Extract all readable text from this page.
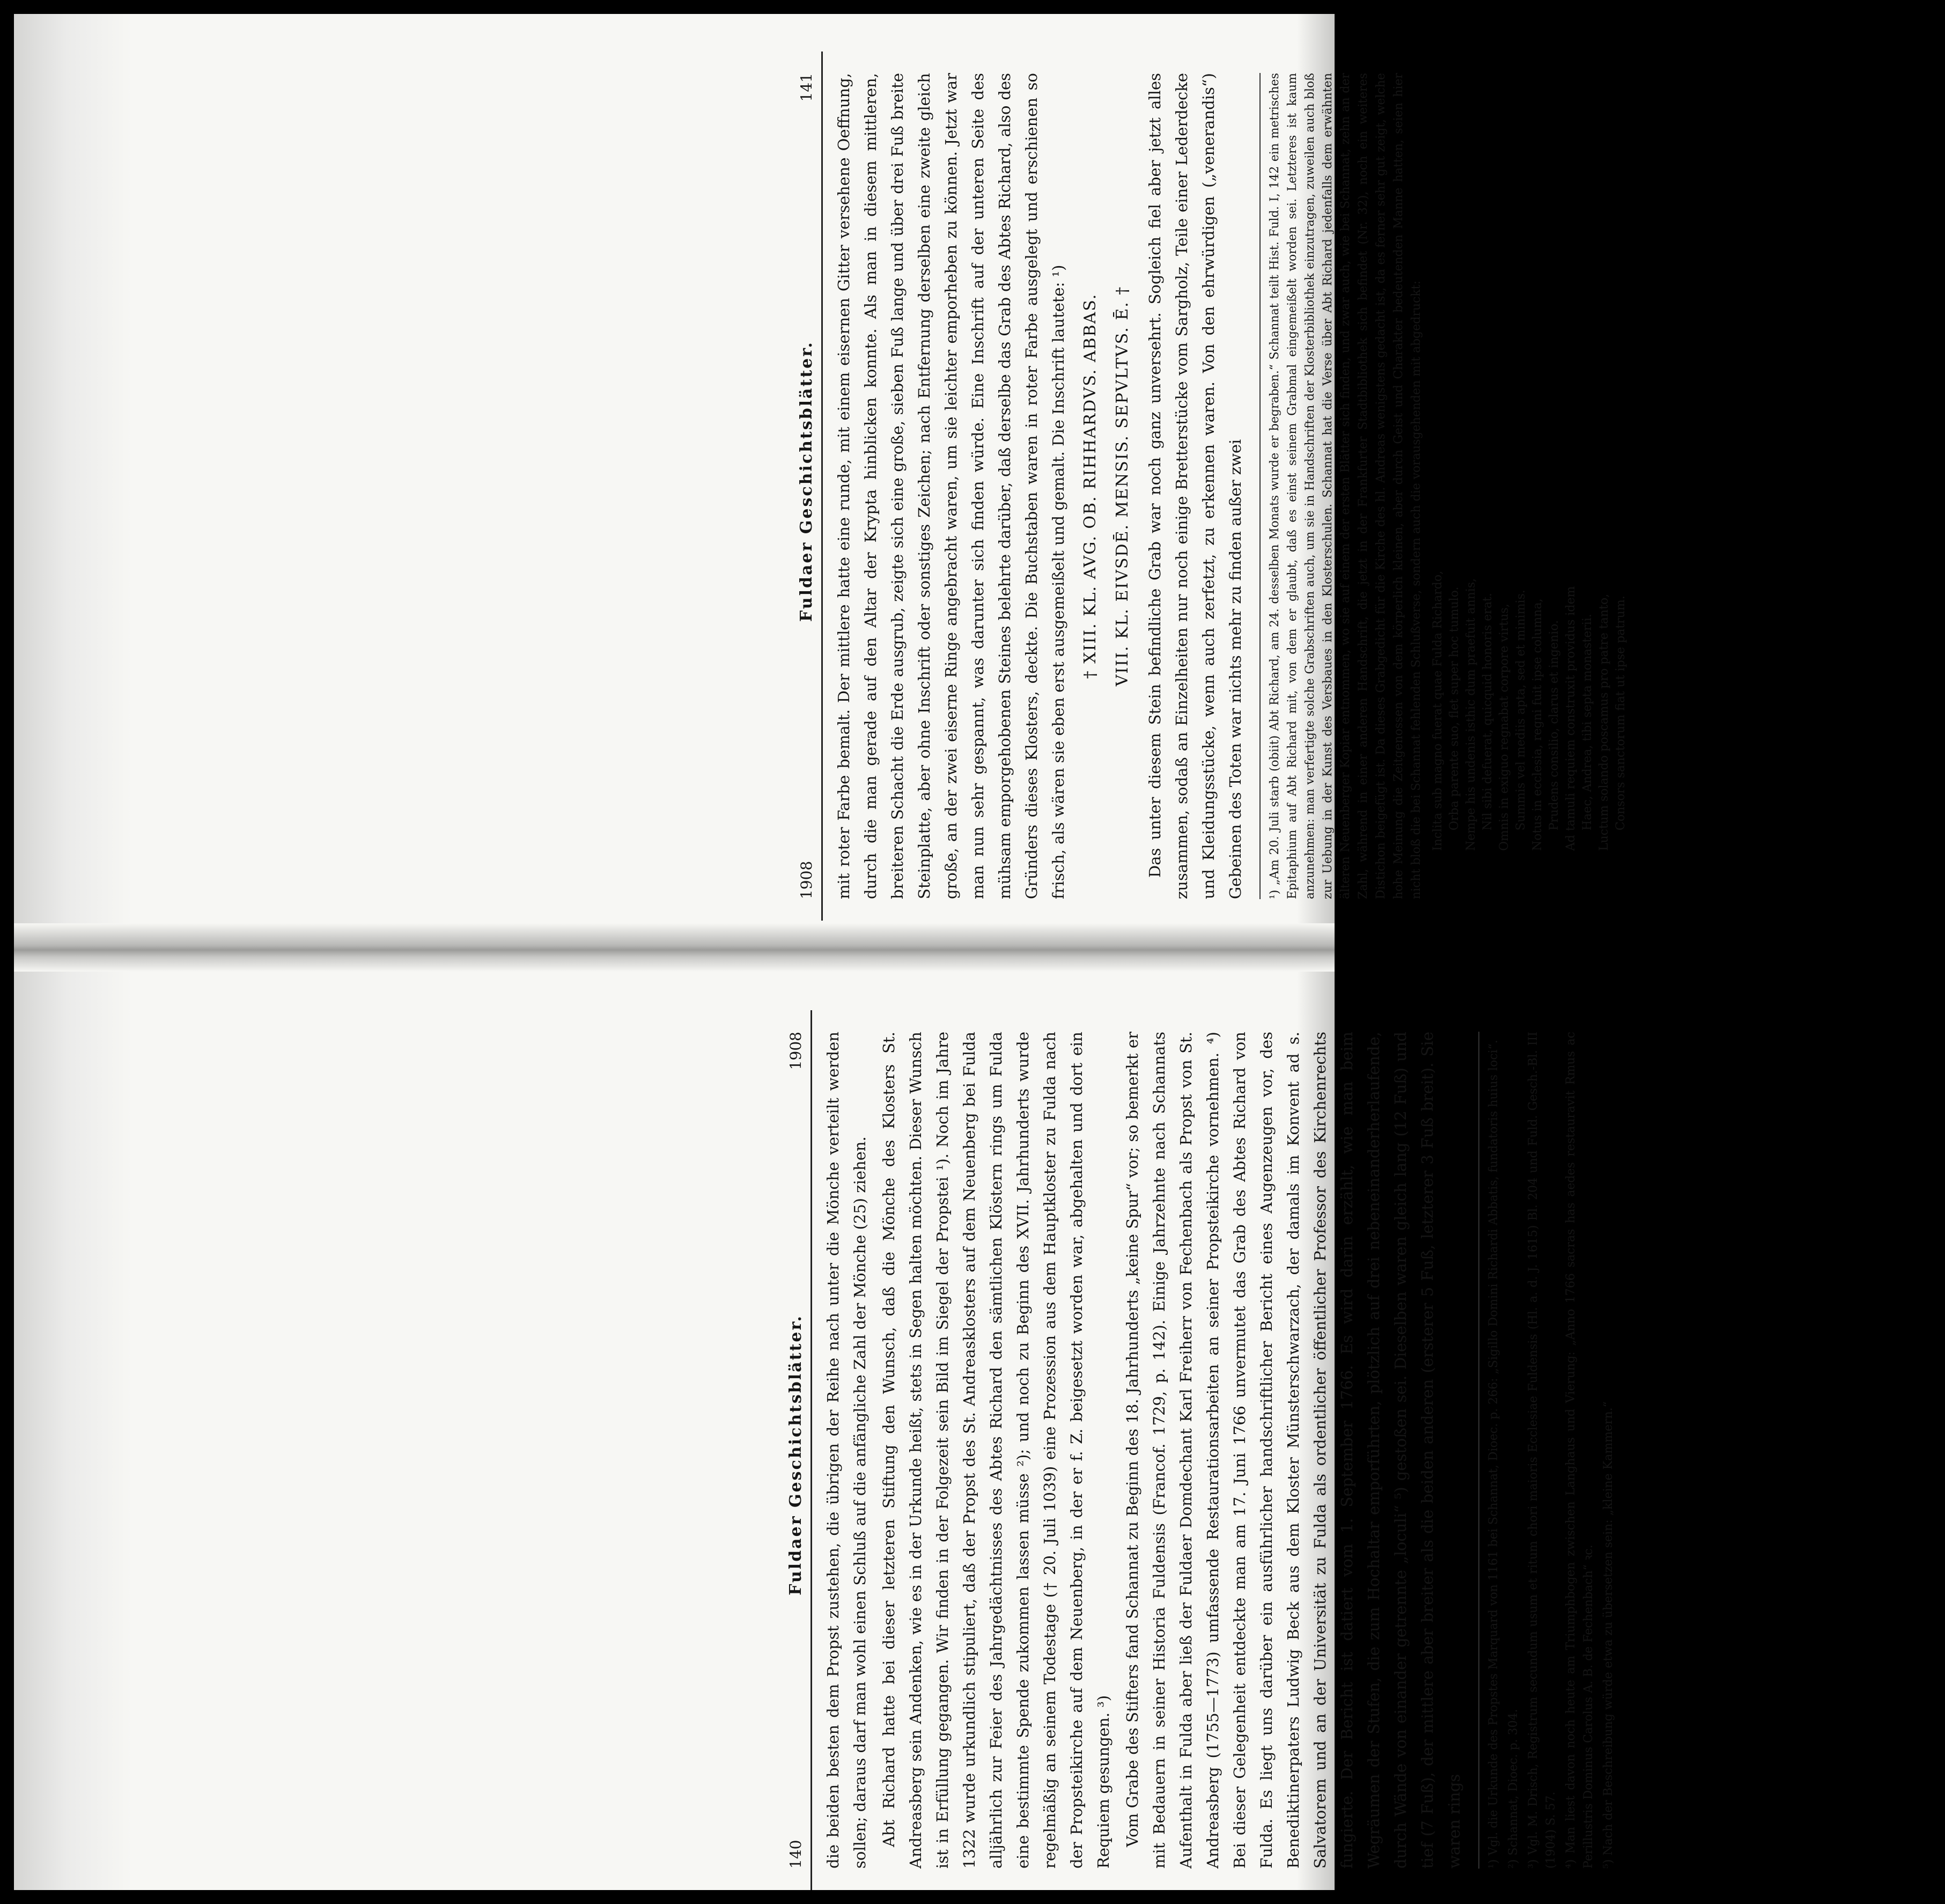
1908
Fuldaer Geschichtsblätter.
141 mit roter Farbe bemalt. Der mittlere hatte eine runde, mit einem eisernen Gitter versehene Oeffnung, durch die man gerade auf den Altar der Krypta hinblicken konnte. Als man in diesem mittleren, breiteren Schacht die Erde ausgrub, zeigte sich eine große, sieben Fuß lange und über drei Fuß breite Steinplatte, aber ohne Inschrift oder sonstiges Zeichen; nach Entfernung derselben eine zweite gleich große, an der zwei eiserne Ringe angebracht waren, um sie leichter emporheben zu können. Jetzt war man nun sehr gespannt, was darunter sich finden würde. Eine Inschrift auf der unteren Seite des mühsam emporgehobenen Steines belehrte darüber, daß derselbe das Grab des Abtes Richard, also des Gründers dieses Klosters, deckte. Die Buchstaben waren in roter Farbe ausgelegt und erschienen so frisch, als wären sie eben erst ausgemeißelt und gemalt. Die Inschrift lautete: ¹) † XIII. KL. AVG. OB. RIHHARDVS. ABBAS. VIII. KL. EIVSDĒ. MENSIS. SEPVLTVS. Ē. † Das unter diesem Stein befindliche Grab war noch ganz unversehrt. Sogleich fiel aber jetzt alles zusammen, sodaß an Einzelheiten nur noch einige Bretterstücke vom Sargholz, Teile einer Lederdecke und Kleidungsstücke, wenn auch zerfetzt, zu erkennen waren. Von den ehrwürdigen („venerandis“) Gebeinen des Toten war nichts mehr zu finden außer zwei	¹) „Am 20. Juli starb (obiit) Abt Richard, am 24. desselben Monats wurde er begraben.“ Schannat teilt Hist. Fuld. I, 142 ein metrisches Epitaphium auf Abt Richard mit, von dem er glaubt, daß es einst seinem Grabmal eingemeißelt worden sei. Letzteres ist kaum anzunehmen: man verfertigte solche Grabschriften auch, um sie in Handschriften der Klosterbibliothek einzutragen, zuweilen auch bloß zur Uebung in der Kunst des Versbaues in den Klosterschulen. Schannat hat die Verse über Abt Richard jedenfalls dem erwähnten älteren Neuenberger Kopiar entnommen, wo sie auf einem der ersten Blätter sich finden, und zwar auch, wie bei Schannat, zehn an der Zahl, während in einer anderen Handschrift, die jetzt in der Frankfurter Stadtbibliothek sich befindet (Nr. 32), noch ein weiteres Distichon beigefügt ist. Da dieses Grabgedicht für die Kirche des hl. Andreas wenigstens gedacht ist, da es ferner sehr gut zeigt, welche hohe Meinung die Zeitgenossen von dem körperlich kleinen, aber durch Geist und Charakter bedeutenden Manne hatten, seien hier nicht bloß die bei Schannat fehlenden Schlußverse, sondern auch die vorausgehenden mit abgedruckt: Inclita sub magno fuerat quae Fulda Richardo, Orba parente suo, flet super hoc tumulo. Nempe his undenis isthic dum praefuit annis, Nil sibi defuerat, quicquid honoris erat. Omnis in exiguo regnabat corpore virtus, Summis vel mediis apta, sed et minimis. Notus in ecclesia, regni fuit ipse columna, Prudens consilio, clarus et ingenio. Ad tamuli requiem construxit providus idem Haec, Andrea, tibi septa monasterii. Luctum solando poscamus pro patre tanto, Consors sanctorum fiat ut ipse patrum.
140
Fuldaer Geschichtsblätter.
1908 die beiden besten dem Propst zustehen, die übrigen der Reihe nach unter die Mönche verteilt werden sollen; daraus darf man wohl einen Schluß auf die anfängliche Zahl der Mönche (25) ziehen. Abt Richard hatte bei dieser letzteren Stiftung den Wunsch, daß die Mönche des Klosters St. Andreasberg sein Andenken, wie es in der Urkunde heißt, stets in Segen halten möchten. Dieser Wunsch ist in Erfüllung gegangen. Wir finden in der Folgezeit sein Bild im Siegel der Propstei ¹). Noch im Jahre 1322 wurde urkundlich stipuliert, daß der Propst des St. Andreasklosters auf dem Neuenberg bei Fulda alljährlich zur Feier des Jahrgedächtnisses des Abtes Richard den sämtlichen Klöstern rings um Fulda eine bestimmte Spende zukommen lassen müsse ²); und noch zu Beginn des XVII. Jahrhunderts wurde regelmäßig an seinem Todestage († 20. Juli 1039) eine Prozession aus dem Hauptkloster zu Fulda nach der Propsteikirche auf dem Neuenberg, in der er f. Z. beigesetzt worden war, abgehalten und dort ein Requiem gesungen. ³) Vom Grabe des Stifters fand Schannat zu Beginn des 18. Jahrhunderts „keine Spur“ vor; so bemerkt er mit Bedauern in seiner Historia Fuldensis (Francof. 1729, p. 142). Einige Jahrzehnte nach Schannats Aufenthalt in Fulda aber ließ der Fuldaer Domdechant Karl Freiherr von Fechenbach als Propst von St. Andreasberg (1755—1773) umfassende Restaurationsarbeiten an seiner Propsteikirche vornehmen. ⁴) Bei dieser Gelegenheit entdeckte man am 17. Juni 1766 unvermutet das Grab des Abtes Richard von Fulda. Es liegt uns darüber ein ausführlicher handschriftlicher Bericht eines Augenzeugen vor, des Benediktinerpaters Ludwig Beck aus dem Kloster Münsterschwarzach, der damals im Konvent ad s. Salvatorem und an der Universität zu Fulda als ordentlicher öffentlicher Professor des Kirchenrechts fungierte. Der Bericht ist datiert vom 1. September 1766. Es wird darin erzählt, wie man beim Wegräumen der Stufen, die zum Hochaltar emporführten, plötzlich auf drei nebeneinanderherlaufende, durch Wände von einander getrennte „loculi“ ⁵) gestoßen sei. Dieselben waren gleich lang (12 Fuß) und tief (7 Fuß), der mittlere aber breiter als die beiden anderen (ersterer 5 Fuß, letzterer 3 Fuß breit). Sie waren rings	¹) Vgl. die Urkunde des Propstes Marquard von 1161 bei Schannat, Dioec. p. 266: „Sigillo Domini Richardi Abbatis, fundatoris huius loci“. ²) Schannat, Dioec. p. 304. ³) Vgl. M. Drisch, Registrum secundum usum et ritum chori maioris Ecclesiae Fuldensis (Hl. a. d. J. 1615) Bl. 204 und Fuld. Gesch.-Bl. III (1904) S. 57. ⁴) Man liest davon noch heute am Triumphbogen zwischen Langhaus und Vierung: „Anno 1766 sacras has aedes restauravit Rmus ac Perillustris Dominus Carolus A. B. de Fechenbach“ ꝛc. ⁵) Nach der Beschreibung würde etwa zu übersetzen sein: „kleine Kammern.“
